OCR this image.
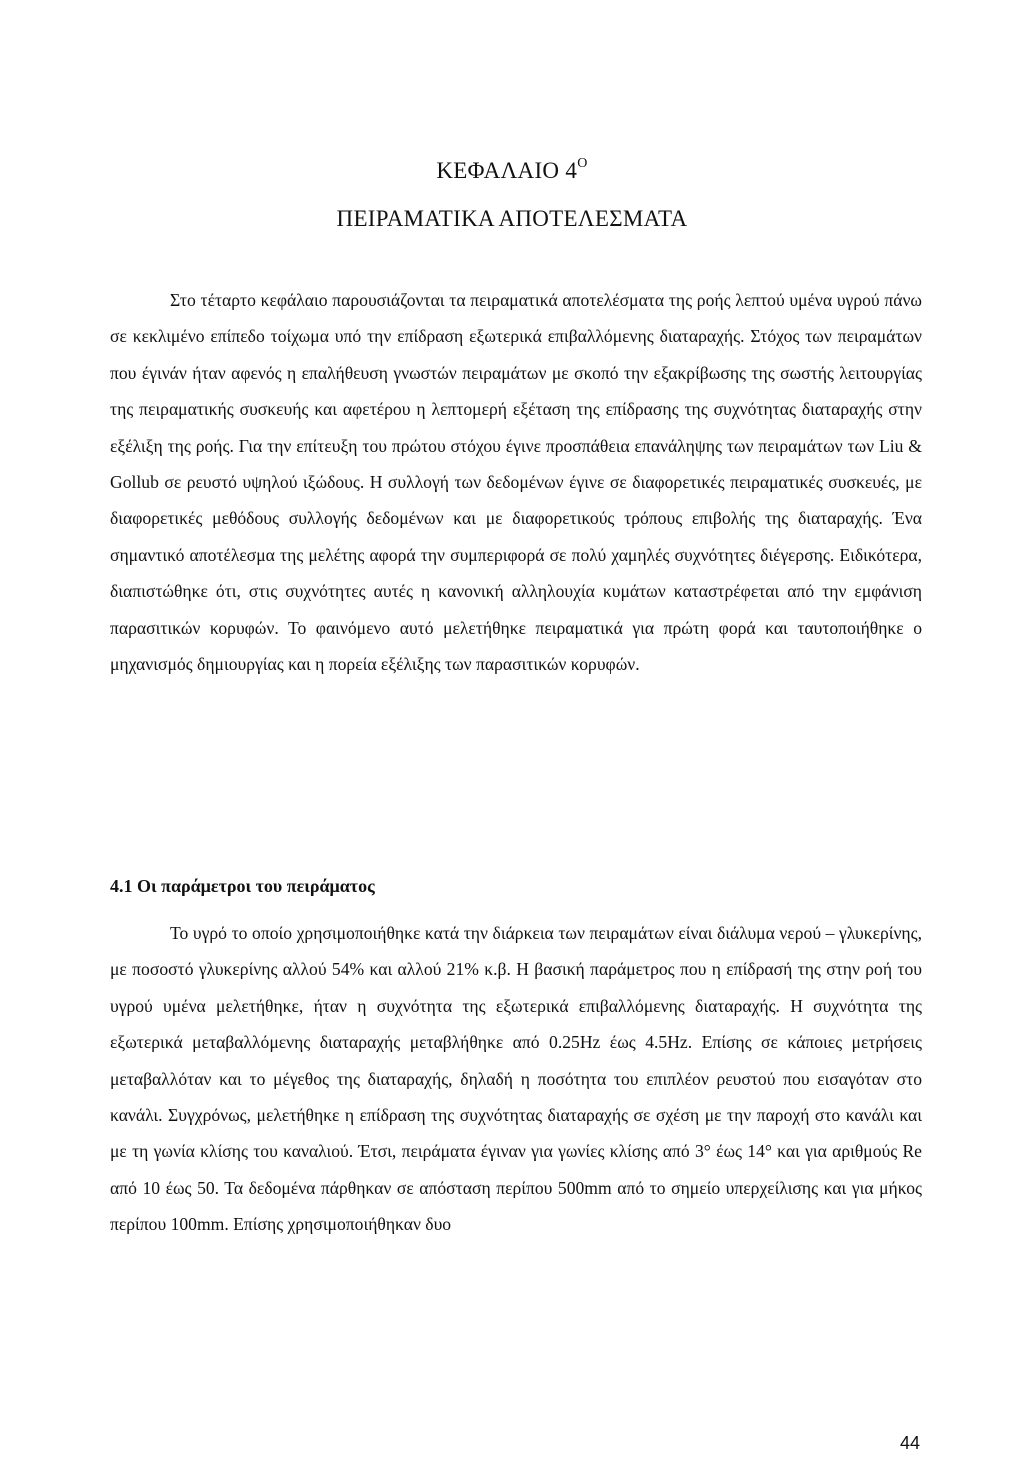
ΚΕΦΑΛΑΙΟ $4^O$
ΠΕΙΡΑΜΑΤΙΚΑ ΑΠΟΤΕΛΕΣΜΑΤΑ

Στο τέταρτο κεφάλαιο παρουσιάζονται τα πειραματικά αποτελέσματα της ροής λεπτού υμένα υγρού πάνω σε κεκλιμένο επίπεδο τοίχωμα υπό την επίδραση εξωτερικά επιβαλλόμενης διαταραχής. Στόχος των πειραμάτων που έγινάν ήταν αφενός η επαλήθευση γνωστών πειραμάτων με σκοπό την εξακρίβωσης της σωστής λειτουργίας της πειραματικής συσκευής και αφετέρου η λεπτομερή εξέταση της επίδρασης της συχνότητας διαταραχής στην εξέλιξη της ροής. Για την επίτευξη του πρώτου στόχου έγινε προσπάθεια επανάληψης των πειραμάτων των Liu & Gollub σε ρευστό υψηλού ιξώδους. Η συλλογή των δεδομένων έγινε σε διαφορετικές πειραματικές συσκευές, με διαφορετικές μεθόδους συλλογής δεδομένων και με διαφορετικούς τρόπους επιβολής της διαταραχής. Ένα σημαντικό αποτέλεσμα της μελέτης αφορά την συμπεριφορά σε πολύ χαμηλές συχνότητες διέγερσης. Ειδικότερα, διαπιστώθηκε ότι, στις συχνότητες αυτές η κανονική αλληλουχία κυμάτων καταστρέφεται από την εμφάνιση παρασιτικών κορυφών. Το φαινόμενο αυτό μελετήθηκε πειραματικά για πρώτη φορά και ταυτοποιήθηκε ο μηχανισμός δημιουργίας και η πορεία εξέλιξης των παρασιτικών κορυφών.

4.1 Οι παράμετροι του πειράματος

Το υγρό το οποίο χρησιμοποιήθηκε κατά την διάρκεια των πειραμάτων είναι διάλυμα νερού – γλυκερίνης, με ποσοστό γλυκερίνης αλλού 54% και αλλού 21% κ.β. Η βασική παράμετρος που η επίδρασή της στην ροή του υγρού υμένα μελετήθηκε, ήταν η συχνότητα της εξωτερικά επιβαλλόμενης διαταραχής. Η συχνότητα της εξωτερικά μεταβαλλόμενης διαταραχής μεταβλήθηκε από 0.25Hz έως 4.5Hz. Επίσης σε κάποιες μετρήσεις μεταβαλλόταν και το μέγεθος της διαταραχής, δηλαδή η ποσότητα του επιπλέον ρευστού που εισαγόταν στο κανάλι. Συγχρόνως, μελετήθηκε η επίδραση της συχνότητας διαταραχής σε σχέση με την παροχή στο κανάλι και με τη γωνία κλίσης του καναλιού. Έτσι, πειράματα έγιναν για γωνίες κλίσης από 3° έως 14° και για αριθμούς Re από 10 έως 50. Τα δεδομένα πάρθηκαν σε απόσταση περίπου 500mm από το σημείο υπερχείλισης και για μήκος περίπου 100mm. Επίσης χρησιμοποιήθηκαν δυο

44
